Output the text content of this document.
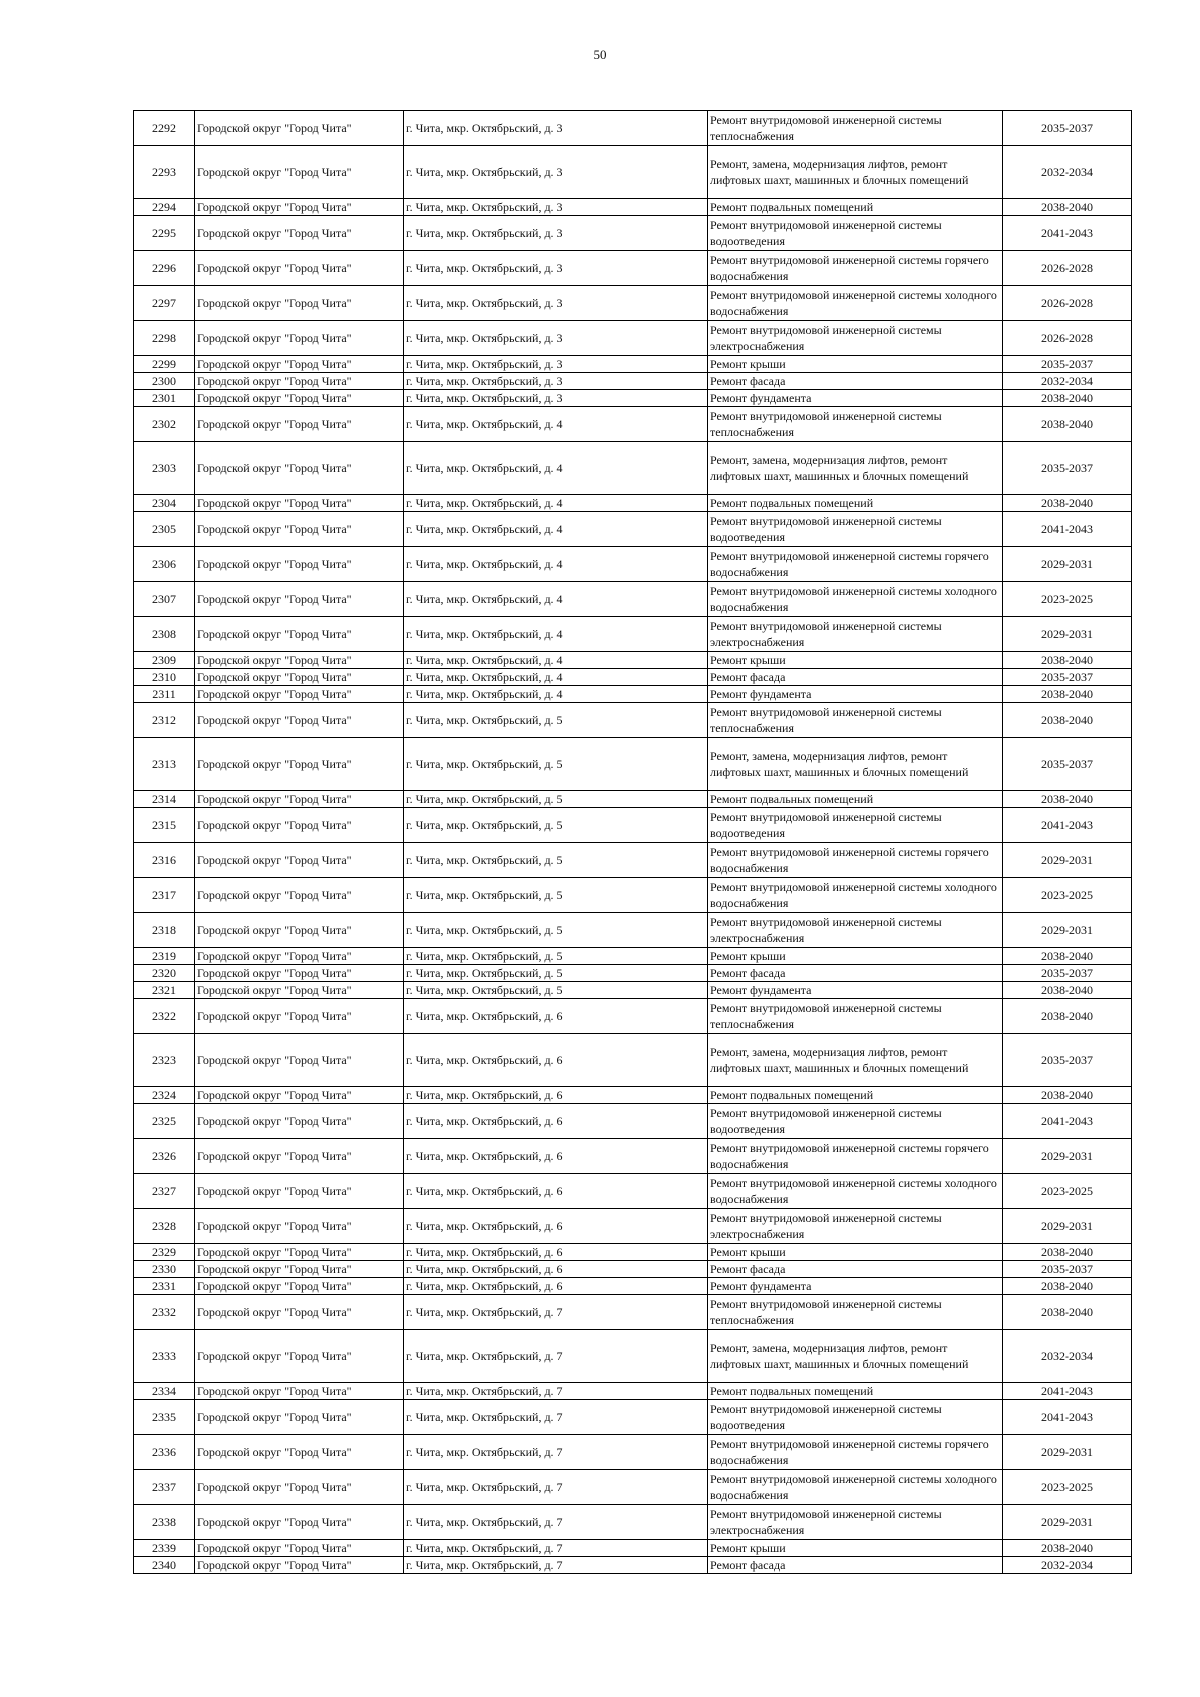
50
2292	Городской округ "Город Чита"	г. Чита, мкр. Октябрьский, д. 3	Ремонт внутридомовой инженерной системы теплоснабжения	2035-2037
2293	Городской округ "Город Чита"	г. Чита, мкр. Октябрьский, д. 3	Ремонт, замена, модернизация лифтов, ремонт лифтовых шахт, машинных и блочных помещений	2032-2034
2294	Городской округ "Город Чита"	г. Чита, мкр. Октябрьский, д. 3	Ремонт подвальных помещений	2038-2040
2295	Городской округ "Город Чита"	г. Чита, мкр. Октябрьский, д. 3	Ремонт внутридомовой инженерной системы водоотведения	2041-2043
2296	Городской округ "Город Чита"	г. Чита, мкр. Октябрьский, д. 3	Ремонт внутридомовой инженерной системы горячего водоснабжения	2026-2028
2297	Городской округ "Город Чита"	г. Чита, мкр. Октябрьский, д. 3	Ремонт внутридомовой инженерной системы холодного водоснабжения	2026-2028
2298	Городской округ "Город Чита"	г. Чита, мкр. Октябрьский, д. 3	Ремонт внутридомовой инженерной системы электроснабжения	2026-2028
2299	Городской округ "Город Чита"	г. Чита, мкр. Октябрьский, д. 3	Ремонт крыши	2035-2037
2300	Городской округ "Город Чита"	г. Чита, мкр. Октябрьский, д. 3	Ремонт фасада	2032-2034
2301	Городской округ "Город Чита"	г. Чита, мкр. Октябрьский, д. 3	Ремонт фундамента	2038-2040
2302	Городской округ "Город Чита"	г. Чита, мкр. Октябрьский, д. 4	Ремонт внутридомовой инженерной системы теплоснабжения	2038-2040
2303	Городской округ "Город Чита"	г. Чита, мкр. Октябрьский, д. 4	Ремонт, замена, модернизация лифтов, ремонт лифтовых шахт, машинных и блочных помещений	2035-2037
2304	Городской округ "Город Чита"	г. Чита, мкр. Октябрьский, д. 4	Ремонт подвальных помещений	2038-2040
2305	Городской округ "Город Чита"	г. Чита, мкр. Октябрьский, д. 4	Ремонт внутридомовой инженерной системы водоотведения	2041-2043
2306	Городской округ "Город Чита"	г. Чита, мкр. Октябрьский, д. 4	Ремонт внутридомовой инженерной системы горячего водоснабжения	2029-2031
2307	Городской округ "Город Чита"	г. Чита, мкр. Октябрьский, д. 4	Ремонт внутридомовой инженерной системы холодного водоснабжения	2023-2025
2308	Городской округ "Город Чита"	г. Чита, мкр. Октябрьский, д. 4	Ремонт внутридомовой инженерной системы электроснабжения	2029-2031
2309	Городской округ "Город Чита"	г. Чита, мкр. Октябрьский, д. 4	Ремонт крыши	2038-2040
2310	Городской округ "Город Чита"	г. Чита, мкр. Октябрьский, д. 4	Ремонт фасада	2035-2037
2311	Городской округ "Город Чита"	г. Чита, мкр. Октябрьский, д. 4	Ремонт фундамента	2038-2040
2312	Городской округ "Город Чита"	г. Чита, мкр. Октябрьский, д. 5	Ремонт внутридомовой инженерной системы теплоснабжения	2038-2040
2313	Городской округ "Город Чита"	г. Чита, мкр. Октябрьский, д. 5	Ремонт, замена, модернизация лифтов, ремонт лифтовых шахт, машинных и блочных помещений	2035-2037
2314	Городской округ "Город Чита"	г. Чита, мкр. Октябрьский, д. 5	Ремонт подвальных помещений	2038-2040
2315	Городской округ "Город Чита"	г. Чита, мкр. Октябрьский, д. 5	Ремонт внутридомовой инженерной системы водоотведения	2041-2043
2316	Городской округ "Город Чита"	г. Чита, мкр. Октябрьский, д. 5	Ремонт внутридомовой инженерной системы горячего водоснабжения	2029-2031
2317	Городской округ "Город Чита"	г. Чита, мкр. Октябрьский, д. 5	Ремонт внутридомовой инженерной системы холодного водоснабжения	2023-2025
2318	Городской округ "Город Чита"	г. Чита, мкр. Октябрьский, д. 5	Ремонт внутридомовой инженерной системы электроснабжения	2029-2031
2319	Городской округ "Город Чита"	г. Чита, мкр. Октябрьский, д. 5	Ремонт крыши	2038-2040
2320	Городской округ "Город Чита"	г. Чита, мкр. Октябрьский, д. 5	Ремонт фасада	2035-2037
2321	Городской округ "Город Чита"	г. Чита, мкр. Октябрьский, д. 5	Ремонт фундамента	2038-2040
2322	Городской округ "Город Чита"	г. Чита, мкр. Октябрьский, д. 6	Ремонт внутридомовой инженерной системы теплоснабжения	2038-2040
2323	Городской округ "Город Чита"	г. Чита, мкр. Октябрьский, д. 6	Ремонт, замена, модернизация лифтов, ремонт лифтовых шахт, машинных и блочных помещений	2035-2037
2324	Городской округ "Город Чита"	г. Чита, мкр. Октябрьский, д. 6	Ремонт подвальных помещений	2038-2040
2325	Городской округ "Город Чита"	г. Чита, мкр. Октябрьский, д. 6	Ремонт внутридомовой инженерной системы водоотведения	2041-2043
2326	Городской округ "Город Чита"	г. Чита, мкр. Октябрьский, д. 6	Ремонт внутридомовой инженерной системы горячего водоснабжения	2029-2031
2327	Городской округ "Город Чита"	г. Чита, мкр. Октябрьский, д. 6	Ремонт внутридомовой инженерной системы холодного водоснабжения	2023-2025
2328	Городской округ "Город Чита"	г. Чита, мкр. Октябрьский, д. 6	Ремонт внутридомовой инженерной системы электроснабжения	2029-2031
2329	Городской округ "Город Чита"	г. Чита, мкр. Октябрьский, д. 6	Ремонт крыши	2038-2040
2330	Городской округ "Город Чита"	г. Чита, мкр. Октябрьский, д. 6	Ремонт фасада	2035-2037
2331	Городской округ "Город Чита"	г. Чита, мкр. Октябрьский, д. 6	Ремонт фундамента	2038-2040
2332	Городской округ "Город Чита"	г. Чита, мкр. Октябрьский, д. 7	Ремонт внутридомовой инженерной системы теплоснабжения	2038-2040
2333	Городской округ "Город Чита"	г. Чита, мкр. Октябрьский, д. 7	Ремонт, замена, модернизация лифтов, ремонт лифтовых шахт, машинных и блочных помещений	2032-2034
2334	Городской округ "Город Чита"	г. Чита, мкр. Октябрьский, д. 7	Ремонт подвальных помещений	2041-2043
2335	Городской округ "Город Чита"	г. Чита, мкр. Октябрьский, д. 7	Ремонт внутридомовой инженерной системы водоотведения	2041-2043
2336	Городской округ "Город Чита"	г. Чита, мкр. Октябрьский, д. 7	Ремонт внутридомовой инженерной системы горячего водоснабжения	2029-2031
2337	Городской округ "Город Чита"	г. Чита, мкр. Октябрьский, д. 7	Ремонт внутридомовой инженерной системы холодного водоснабжения	2023-2025
2338	Городской округ "Город Чита"	г. Чита, мкр. Октябрьский, д. 7	Ремонт внутридомовой инженерной системы электроснабжения	2029-2031
2339	Городской округ "Город Чита"	г. Чита, мкр. Октябрьский, д. 7	Ремонт крыши	2038-2040
2340	Городской округ "Город Чита"	г. Чита, мкр. Октябрьский, д. 7	Ремонт фасада	2032-2034
